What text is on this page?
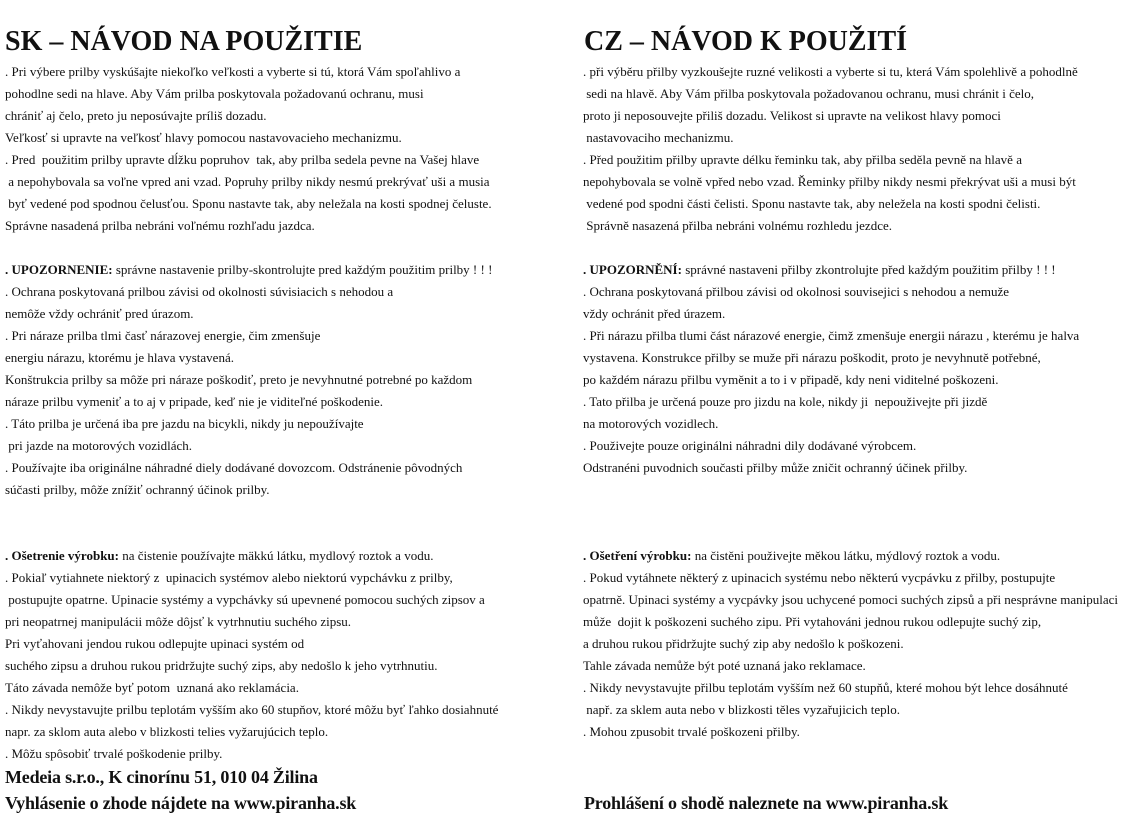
SK – NÁVOD NA POUŽITIE	CZ – NÁVOD K POUŽITÍ
. Pri výbere prilby vyskúšajte niekoľko veľkosti a vyberte si tú, ktorá Vám spoľahlivo a
pohodlne sedi na hlave. Aby Vám prilba poskytovala požadovanú ochranu, musi
chrániť aj čelo, preto ju neposúvajte príliš dozadu.
Veľkosť si upravte na veľkosť hlavy pomocou nastavovacieho mechanizmu.
. Pred  použitim prilby upravte dĺžku popruhov  tak, aby prilba sedela pevne na Vašej hlave
a nepohybovala sa voľne vpred ani vzad. Popruhy prilby nikdy nesmú prekrývať uši a musia
byť vedené pod spodnou čelusťou. Sponu nastavte tak, aby neležala na kosti spodnej čeluste.
Správne nasadená prilba nebráni voľnému rozhľadu jazdca.
. UPOZORNENIE: správne nastavenie prilby-skontrolujte pred každým použitim prilby ! ! !
. Ochrana poskytovaná prilbou závisi od okolnosti súvisiacich s nehodou a
nemôže vždy ochrániť pred úrazom.
. Pri náraze prilba tlmi časť nárazovej energie, čim zmenšuje
energiu nárazu, ktorému je hlava vystavená.
Konštrukcia prilby sa môže pri náraze poškodiť, preto je nevyhnutné potrebné po každom
náraze prilbu vymeniť a to aj v pripade, keď nie je viditeľné poškodenie.
. Táto prilba je určená iba pre jazdu na bicykli, nikdy ju nepoužívajte
pri jazde na motorových vozidlách.
. Používajte iba originálne náhradné diely dodávané dovozcom. Odstránenie pôvodných
súčasti prilby, môže znížiť ochranný účinok prilby.
. Ošetrenie výrobku: na čistenie používajte mäkkú látku, mydlový roztok a vodu.
. Pokiaľ vytiahnete niektorý z  upinacich systémov alebo niektorú vypchávku z prilby,
postupujte opatrne. Upinacie systémy a vypchávky sú upevnené pomocou suchých zipsov a
pri neopatrnej manipulácii môže dôjsť k vytrhnutiu suchého zipsu.
Pri vyťahovani jendou rukou odlepujte upinaci systém od
suchého zipsu a druhou rukou pridržujte suchý zips, aby nedošlo k jeho vytrhnutiu.
Táto závada nemôže byť potom  uznaná ako reklamácia.
. Nikdy nevystavujte prilbu teplotám vyšším ako 60 stupňov, ktoré môžu byť ľahko dosiahnuté
napr. za sklom auta alebo v blizkosti telies vyžarujúcich teplo.
. Môžu spôsobiť trvalé poškodenie prilby.
. při výběru přilby vyzkoušejte ruzné velikosti a vyberte si tu, která Vám spolehlivě a pohodlně
sedi na hlavě. Aby Vám přilba poskytovala požadovanou ochranu, musi chránit i čelo,
proto ji neposouvejte přiliš dozadu. Velikost si upravte na velikost hlavy pomoci
nastavovaciho mechanizmu.
. Před použitim přilby upravte délku řeminku tak, aby přilba seděla pevně na hlavě a
nepohybovala se volně vpřed nebo vzad. Řeminky přilby nikdy nesmi překrývat uši a musi být
vedené pod spodni části čelisti. Sponu nastavte tak, aby neležela na kosti spodni čelisti.
Správně nasazená přilba nebráni volnému rozhledu jezdce.
. UPOZORNĚNÍ: správné nastaveni přilby zkontrolujte před každým použitim přilby ! ! !
. Ochrana poskytovaná přilbou závisi od okolnosi souvisejici s nehodou a nemuže
vždy ochránit před úrazem.
. Při nárazu přilba tlumi část nárazové energie, čimž zmenšuje energii nárazu , kterému je halva
vystavena. Konstrukce přilby se muže při nárazu poškodit, proto je nevyhnutě potřebné,
po každém nárazu přilbu vyměnit a to i v připadě, kdy neni viditelné poškozeni.
. Tato přilba je určená pouze pro jizdu na kole, nikdy ji  nepouživejte při jizdě
na motorových vozidlech.
. Použivejte pouze originálni náhradni dily dodávané výrobcem.
Odstranéni puvodnich současti přilby může zničit ochranný účinek přilby.
. Ošetření výrobku: na čistěni použivejte měkou látku, mýdlový roztok a vodu.
. Pokud vytáhnete některý z upinacich systému nebo některú vycpávku z přilby, postupujte
opatrně. Upinaci systémy a vycpávky jsou uchycené pomoci suchých zipsů a při nesprávne manipulaci
může  dojit k poškozeni suchého zipu. Při vytahováni jednou rukou odlepujte suchý zip,
a druhou rukou přidržujte suchý zip aby nedošlo k poškozeni.
Tahle závada nemůže být poté uznaná jako reklamace.
. Nikdy nevystavujte přilbu teplotám vyšším než 60 stupňů, které mohou být lehce dosáhnuté
např. za sklem auta nebo v blizkosti těles vyzařujicich teplo.
. Mohou zpusobit trvalé poškozeni přilby.
Medeia s.r.o., K cinorínu 51, 010 04 Žilina
Vyhlásenie o zhode nájdete na www.piranha.sk	Prohlášení o shodě naleznete na www.piranha.sk
